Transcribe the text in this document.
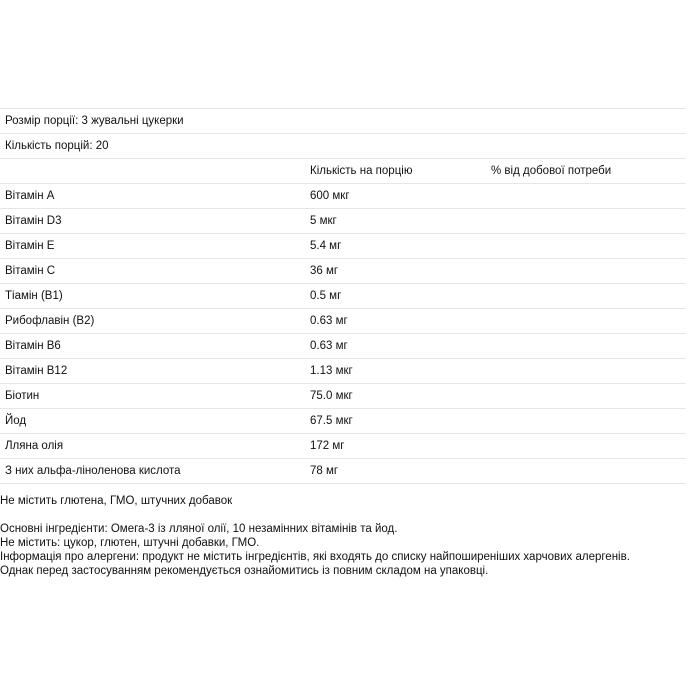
Розмір порції: 3 жувальні цукерки		
Кількість порцій: 20		
	Кількість на порцію	% від добової потреби
Вітамін A	600 мкг	
Вітамін D3	5 мкг	
Вітамін E	5.4 мг	
Вітамін С	36 мг	
Тіамін (B1)	0.5 мг	
Рибофлавін (B2)	0.63 мг	
Вітамін B6	0.63 мг	
Вітамін B12	1.13 мкг	
Біотин	75.0 мкг	
Йод	67.5 мкг	
Лляна олія	172 мг	
З них альфа-ліноленова кислота	78 мг	

Не містить глютена, ГМО, штучних добавок

Основні інгредієнти: Омега-3 із лляної олії, 10 незамінних вітамінів та йод.

Не містить: цукор, глютен, штучні добавки, ГМО.

Інформація про алергени: продукт не містить інгредієнтів, які входять до списку найпоширеніших харчових алергенів.

Однак перед застосуванням рекомендується ознайомитись із повним складом на упаковці.
